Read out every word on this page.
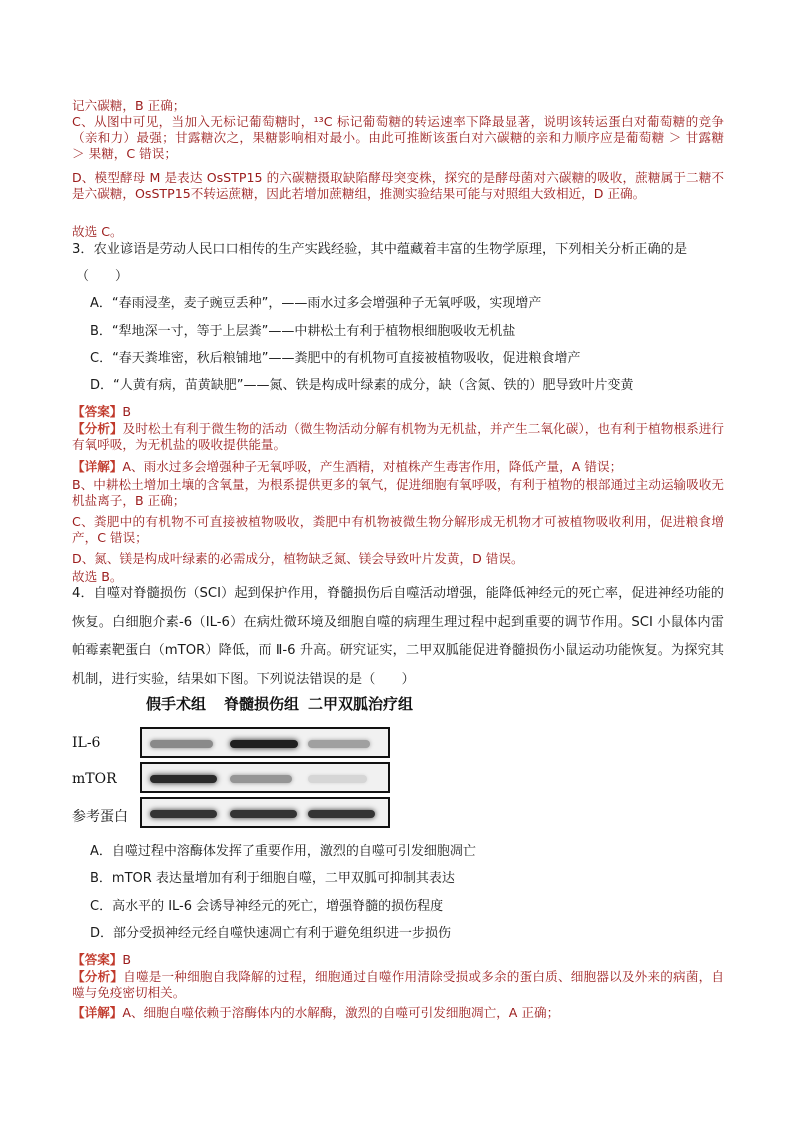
记六碳糖，B 正确；
C、从图中可见，当加入无标记葡萄糖时，¹³C 标记葡萄糖的转运速率下降最显著，说明该转运蛋白对葡萄糖的竞争（亲和力）最强；甘露糖次之，果糖影响相对最小。由此可推断该蛋白对六碳糖的亲和力顺序应是葡萄糖 ＞ 甘露糖 ＞ 果糖，C 错误；
D、模型酵母 M 是表达 OsSTP15 的六碳糖摄取缺陷酵母突变株，探究的是酵母菌对六碳糖的吸收，蔗糖属于二糖不是六碳糖，OsSTP15不转运蔗糖，因此若增加蔗糖组，推测实验结果可能与对照组大致相近，D 正确。
故选 C。
3．农业谚语是劳动人民口口相传的生产实践经验，其中蕴藏着丰富的生物学原理，下列相关分析正确的是
（　　）
A．“春雨浸垄，麦子豌豆丢种”，——雨水过多会增强种子无氧呼吸，实现增产
B．“犁地深一寸，等于上层粪”——中耕松土有利于植物根细胞吸收无机盐
C．“春天粪堆密，秋后粮铺地”——粪肥中的有机物可直接被植物吸收，促进粮食增产
D．“人黄有病，苗黄缺肥”——氮、铁是构成叶绿素的成分，缺（含氮、铁的）肥导致叶片变黄
【答案】B
【分析】及时松土有利于微生物的活动（微生物活动分解有机物为无机盐，并产生二氧化碳），也有利于植物根系进行有氧呼吸，为无机盐的吸收提供能量。
【详解】A、雨水过多会增强种子无氧呼吸，产生酒精，对植株产生毒害作用，降低产量，A 错误；
B、中耕松土增加土壤的含氧量，为根系提供更多的氧气，促进细胞有氧呼吸，有利于植物的根部通过主动运输吸收无机盐离子，B 正确；
C、粪肥中的有机物不可直接被植物吸收，粪肥中有机物被微生物分解形成无机物才可被植物吸收利用，促进粮食增产，C 错误；
D、氮、镁是构成叶绿素的必需成分，植物缺乏氮、镁会导致叶片发黄，D 错误。
故选 B。
4．自噬对脊髓损伤（SCI）起到保护作用，脊髓损伤后自噬活动增强，能降低神经元的死亡率，促进神经功能的恢复。白细胞介素-6（IL-6）在病灶微环境及细胞自噬的病理生理过程中起到重要的调节作用。SCI 小鼠体内雷帕霉素靶蛋白（mTOR）降低，而 Ⅱ-6 升高。研究证实，二甲双胍能促进脊髓损伤小鼠运动功能恢复。为探究其机制，进行实验，结果如下图。下列说法错误的是（　　）
假手术组 脊髓损伤组 二甲双胍治疗组
IL-6
mTOR
参考蛋白
A．自噬过程中溶酶体发挥了重要作用，激烈的自噬可引发细胞凋亡
B．mTOR 表达量增加有利于细胞自噬，二甲双胍可抑制其表达
C．高水平的 IL-6 会诱导神经元的死亡，增强脊髓的损伤程度
D．部分受损神经元经自噬快速凋亡有利于避免组织进一步损伤
【答案】B
【分析】自噬是一种细胞自我降解的过程，细胞通过自噬作用清除受损或多余的蛋白质、细胞器以及外来的病菌，自噬与免疫密切相关。
【详解】A、细胞自噬依赖于溶酶体内的水解酶，激烈的自噬可引发细胞凋亡，A 正确；
